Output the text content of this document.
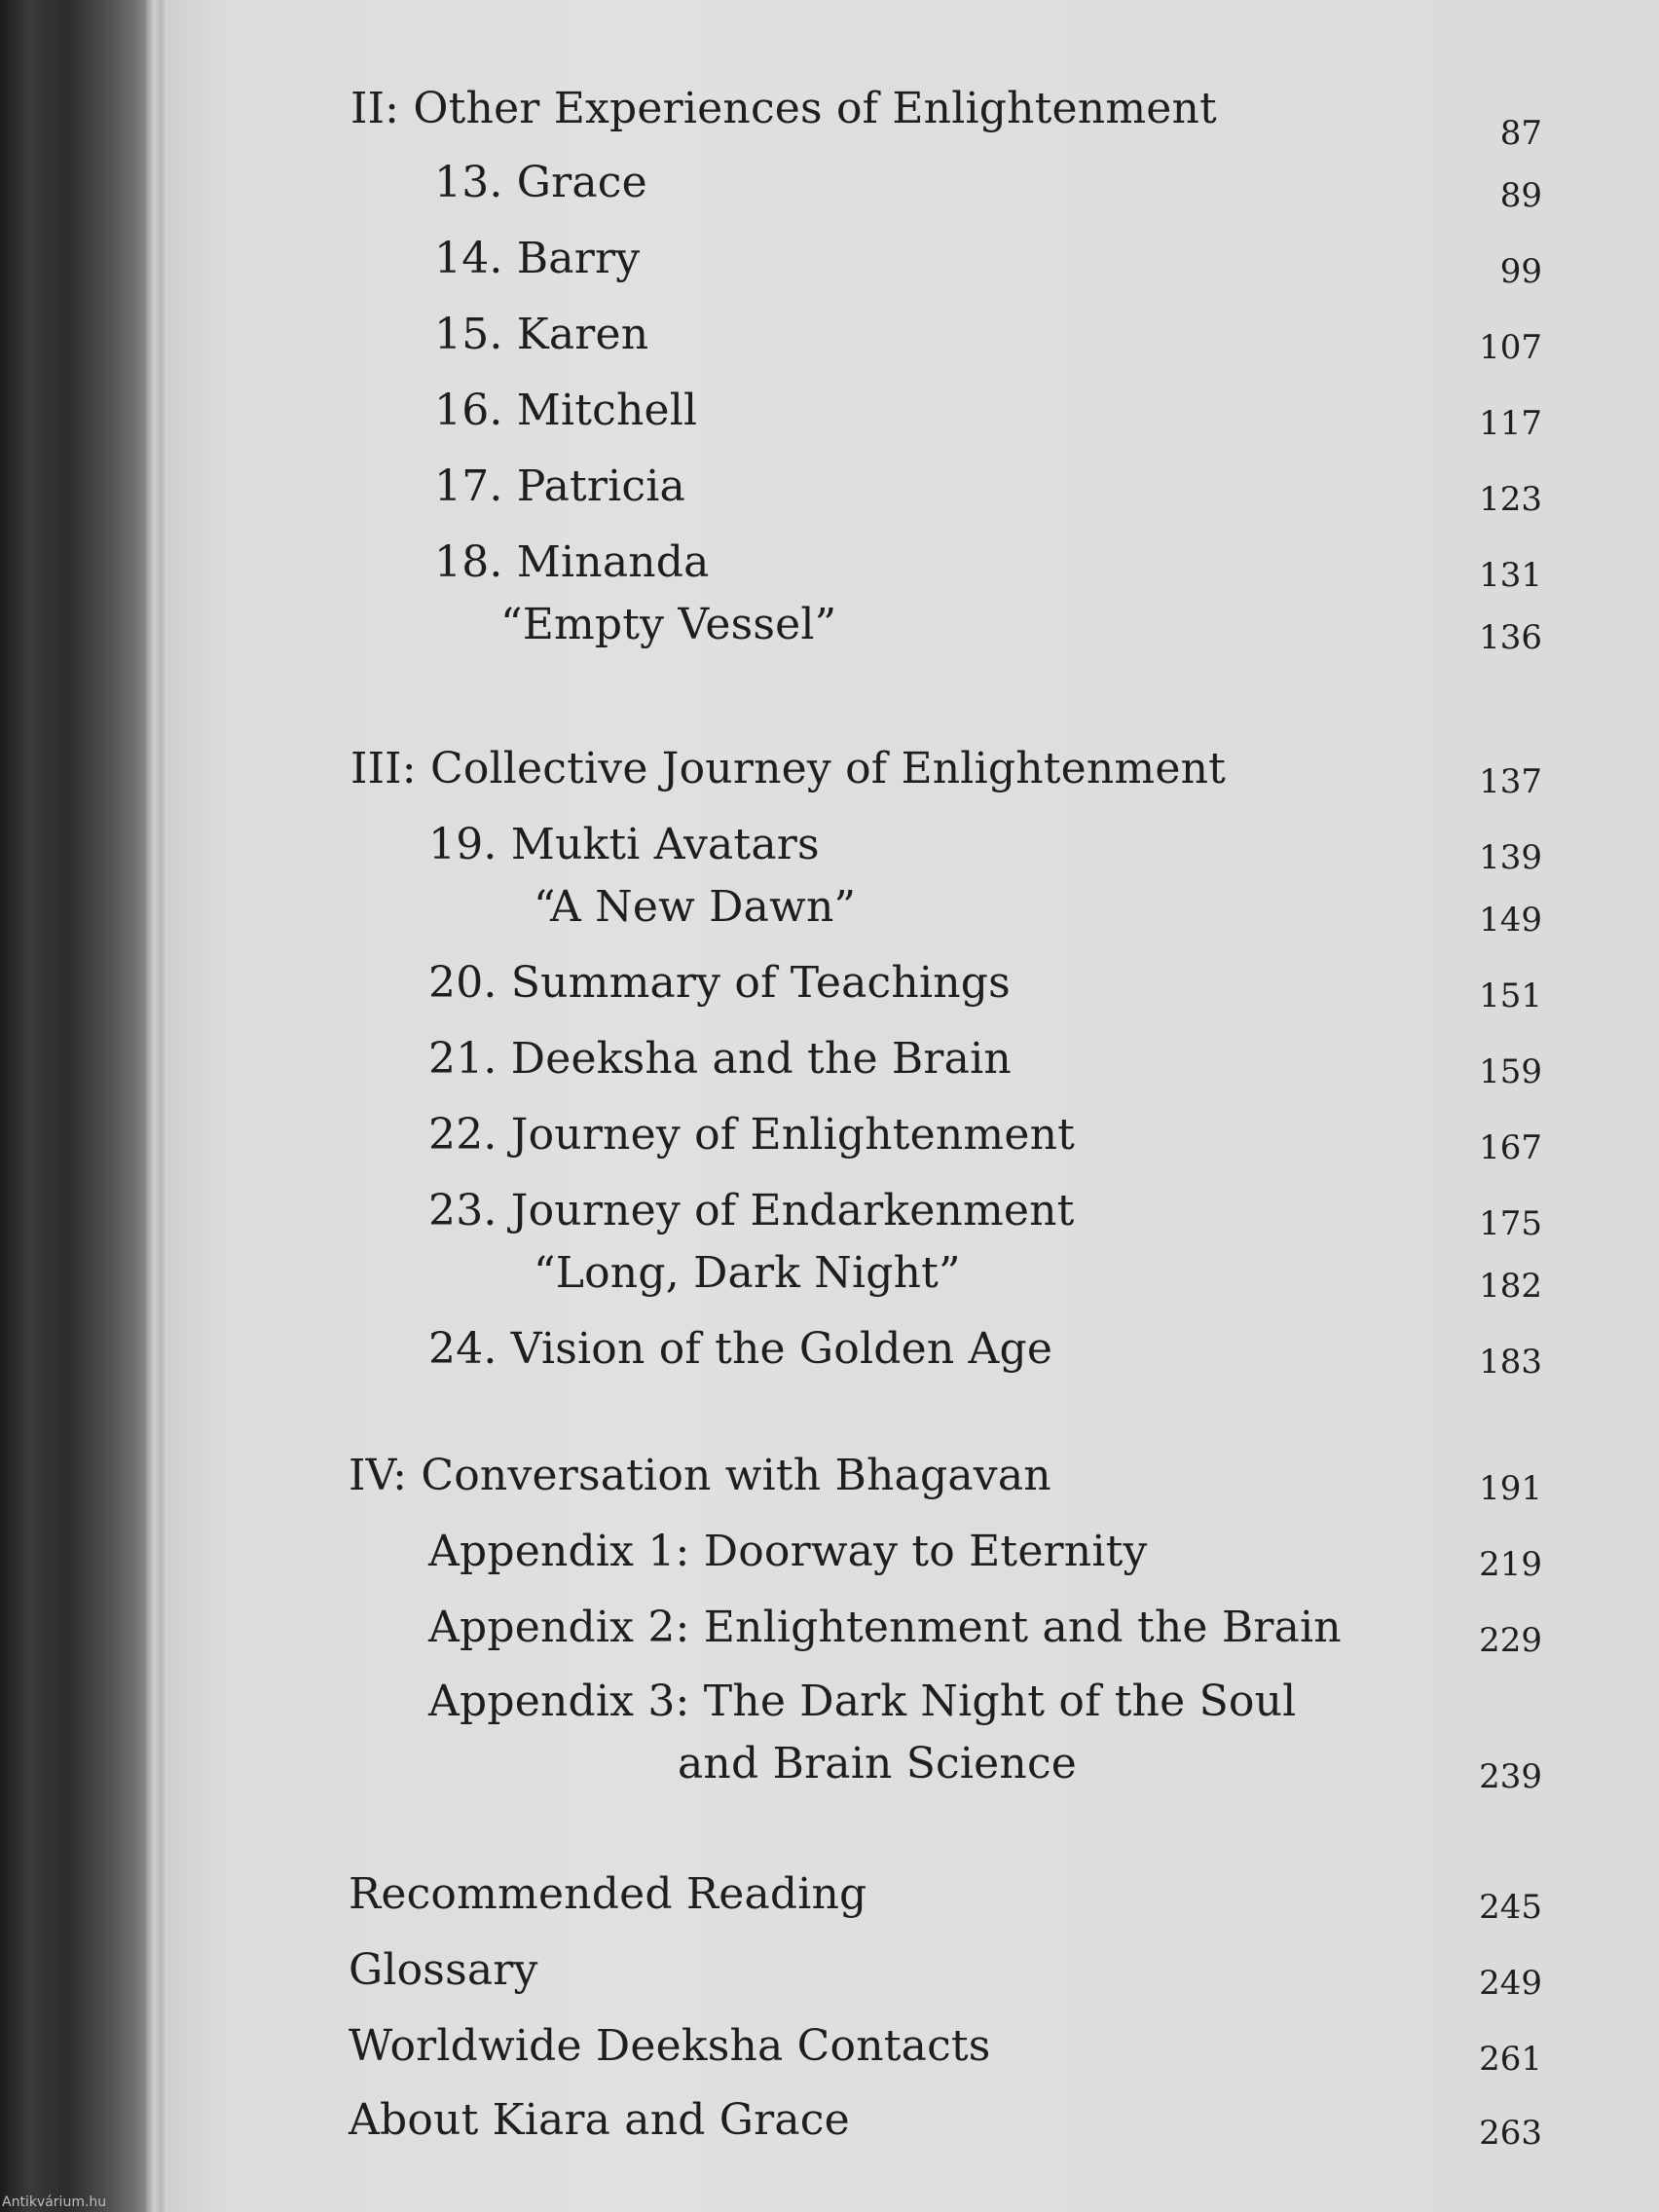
II: Other Experiences of Enlightenment	87
13. Grace	89
14. Barry	99
15. Karen	107
16. Mitchell	117
17. Patricia	123
18. Minanda	131
“Empty Vessel”	136
III: Collective Journey of Enlightenment	137
19. Mukti Avatars	139
“A New Dawn”	149
20. Summary of Teachings	151
21. Deeksha and the Brain	159
22. Journey of Enlightenment	167
23. Journey of Endarkenment	175
“Long, Dark Night”	182
24. Vision of the Golden Age	183
IV: Conversation with Bhagavan	191
Appendix 1: Doorway to Eternity	219
Appendix 2: Enlightenment and the Brain	229
Appendix 3: The Dark Night of the Soul
and Brain Science	239
Recommended Reading	245
Glossary	249
Worldwide Deeksha Contacts	261
About Kiara and Grace	263
Antikvárium.hu
